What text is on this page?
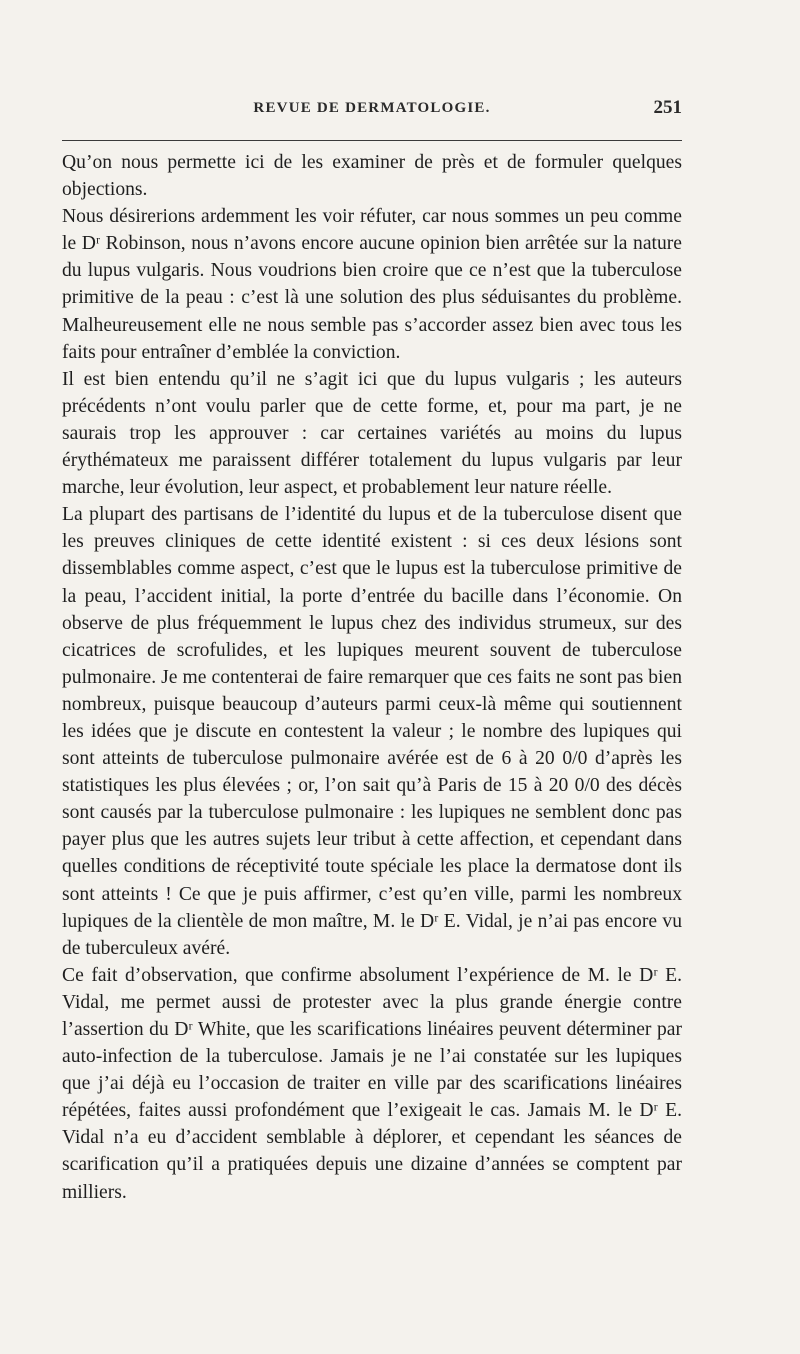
REVUE DE DERMATOLOGIE.	251

Qu’on nous permette ici de les examiner de près et de formuler quelques objections.

Nous désirerions ardemment les voir réfuter, car nous sommes un peu comme le Dʳ Robinson, nous n’avons encore aucune opinion bien arrêtée sur la nature du lupus vulgaris. Nous voudrions bien croire que ce n’est que la tuberculose primitive de la peau : c’est là une solution des plus séduisantes du problème. Malheureusement elle ne nous semble pas s’accorder assez bien avec tous les faits pour entraîner d’emblée la conviction.

Il est bien entendu qu’il ne s’agit ici que du lupus vulgaris ; les auteurs précédents n’ont voulu parler que de cette forme, et, pour ma part, je ne saurais trop les approuver : car certaines variétés au moins du lupus érythémateux me paraissent différer totalement du lupus vulgaris par leur marche, leur évolution, leur aspect, et probablement leur nature réelle.

La plupart des partisans de l’identité du lupus et de la tuberculose disent que les preuves cliniques de cette identité existent : si ces deux lésions sont dissemblables comme aspect, c’est que le lupus est la tuberculose primitive de la peau, l’accident initial, la porte d’entrée du bacille dans l’économie. On observe de plus fréquemment le lupus chez des individus strumeux, sur des cicatrices de scrofulides, et les lupiques meurent souvent de tuberculose pulmonaire. Je me contenterai de faire remarquer que ces faits ne sont pas bien nombreux, puisque beaucoup d’auteurs parmi ceux-là même qui soutiennent les idées que je discute en contestent la valeur ; le nombre des lupiques qui sont atteints de tuberculose pulmonaire avérée est de 6 à 20 0/0 d’après les statistiques les plus élevées ; or, l’on sait qu’à Paris de 15 à 20 0/0 des décès sont causés par la tuberculose pulmonaire : les lupiques ne semblent donc pas payer plus que les autres sujets leur tribut à cette affection, et cependant dans quelles conditions de réceptivité toute spéciale les place la dermatose dont ils sont atteints ! Ce que je puis affirmer, c’est qu’en ville, parmi les nombreux lupiques de la clientèle de mon maître, M. le Dʳ E. Vidal, je n’ai pas encore vu de tuberculeux avéré.

Ce fait d’observation, que confirme absolument l’expérience de M. le Dʳ E. Vidal, me permet aussi de protester avec la plus grande énergie contre l’assertion du Dʳ White, que les scarifications linéaires peuvent déterminer par auto-infection de la tuberculose. Jamais je ne l’ai constatée sur les lupiques que j’ai déjà eu l’occasion de traiter en ville par des scarifications linéaires répétées, faites aussi profondément que l’exigeait le cas. Jamais M. le Dʳ E. Vidal n’a eu d’accident semblable à déplorer, et cependant les séances de scarification qu’il a pratiquées depuis une dizaine d’années se comptent par milliers.
